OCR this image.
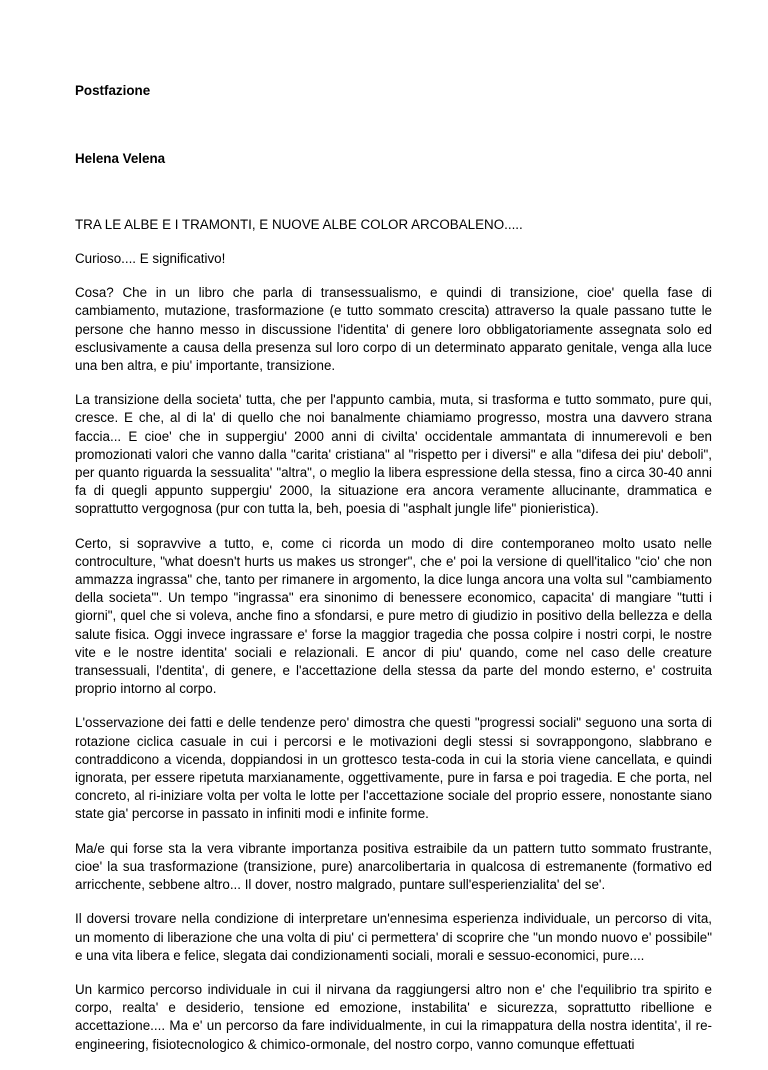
Postfazione

Helena Velena

TRA LE ALBE E I TRAMONTI, E NUOVE ALBE COLOR ARCOBALENO.....

Curioso.... E significativo!

Cosa? Che in un libro che parla di transessualismo, e quindi di transizione, cioe' quella fase di cambiamento, mutazione, trasformazione (e tutto sommato crescita) attraverso la quale passano tutte le persone che hanno messo in discussione l'identita' di genere loro obbligatoriamente assegnata solo ed esclusivamente a causa della presenza sul loro corpo di un determinato apparato genitale, venga alla luce una ben altra, e piu' importante, transizione.

La transizione della societa' tutta, che per l'appunto cambia, muta, si trasforma e tutto sommato, pure qui, cresce. E che, al di la' di quello che noi banalmente chiamiamo progresso, mostra una davvero strana faccia... E cioe' che in suppergiu' 2000 anni di civilta' occidentale ammantata di innumerevoli e ben promozionati valori che vanno dalla "carita' cristiana" al "rispetto per i diversi" e alla "difesa dei piu' deboli", per quanto riguarda la sessualita' "altra", o meglio la libera espressione della stessa, fino a circa 30-40 anni fa di quegli appunto suppergiu' 2000, la situazione era ancora veramente allucinante, drammatica e soprattutto vergognosa (pur con tutta la, beh, poesia di "asphalt jungle life" pionieristica).

Certo, si sopravvive a tutto, e, come ci ricorda un modo di dire contemporaneo molto usato nelle controculture, "what doesn't hurts us makes us stronger", che e' poi la versione di quell'italico "cio' che non ammazza ingrassa" che, tanto per rimanere in argomento, la dice lunga ancora una volta sul "cambiamento della societa'". Un tempo "ingrassa" era sinonimo di benessere economico, capacita' di mangiare "tutti i giorni", quel che si voleva, anche fino a sfondarsi, e pure metro di giudizio in positivo della bellezza e della salute fisica. Oggi invece ingrassare e' forse la maggior tragedia che possa colpire i nostri corpi, le nostre vite e le nostre identita' sociali e relazionali. E ancor di piu' quando, come nel caso delle creature transessuali, l'dentita', di genere, e l'accettazione della stessa da parte del mondo esterno, e' costruita proprio intorno al corpo.

L'osservazione dei fatti e delle tendenze pero' dimostra che questi "progressi sociali" seguono una sorta di rotazione ciclica casuale in cui i percorsi e le motivazioni degli stessi si sovrappongono, slabbrano e contraddicono a vicenda, doppiandosi in un grottesco testa-coda in cui la storia viene cancellata, e quindi ignorata, per essere ripetuta marxianamente, oggettivamente, pure in farsa e poi tragedia. E che porta, nel concreto, al ri-iniziare volta per volta le lotte per l'accettazione sociale del proprio essere, nonostante siano state gia' percorse in passato in infiniti modi e infinite forme.

Ma/e qui forse sta la vera vibrante importanza positiva estraibile da un pattern tutto sommato frustrante, cioe' la sua trasformazione (transizione, pure) anarcolibertaria in qualcosa di estremanente (formativo ed arricchente, sebbene altro... Il dover, nostro malgrado, puntare sull'esperienzialita' del se'.

Il doversi trovare nella condizione di interpretare un'ennesima esperienza individuale, un percorso di vita, un momento di liberazione che una volta di piu' ci permettera' di scoprire che "un mondo nuovo e' possibile" e una vita libera e felice, slegata dai condizionamenti sociali, morali e sessuo-economici, pure....

Un karmico percorso individuale in cui il nirvana da raggiungersi altro non e' che l'equilibrio tra spirito e corpo, realta' e desiderio, tensione ed emozione, instabilita' e sicurezza, soprattutto ribellione e accettazione.... Ma e' un percorso da fare individualmente, in cui la rimappatura della nostra identita', il re-engineering, fisiotecnologico & chimico-ormonale, del nostro corpo, vanno comunque effettuati
